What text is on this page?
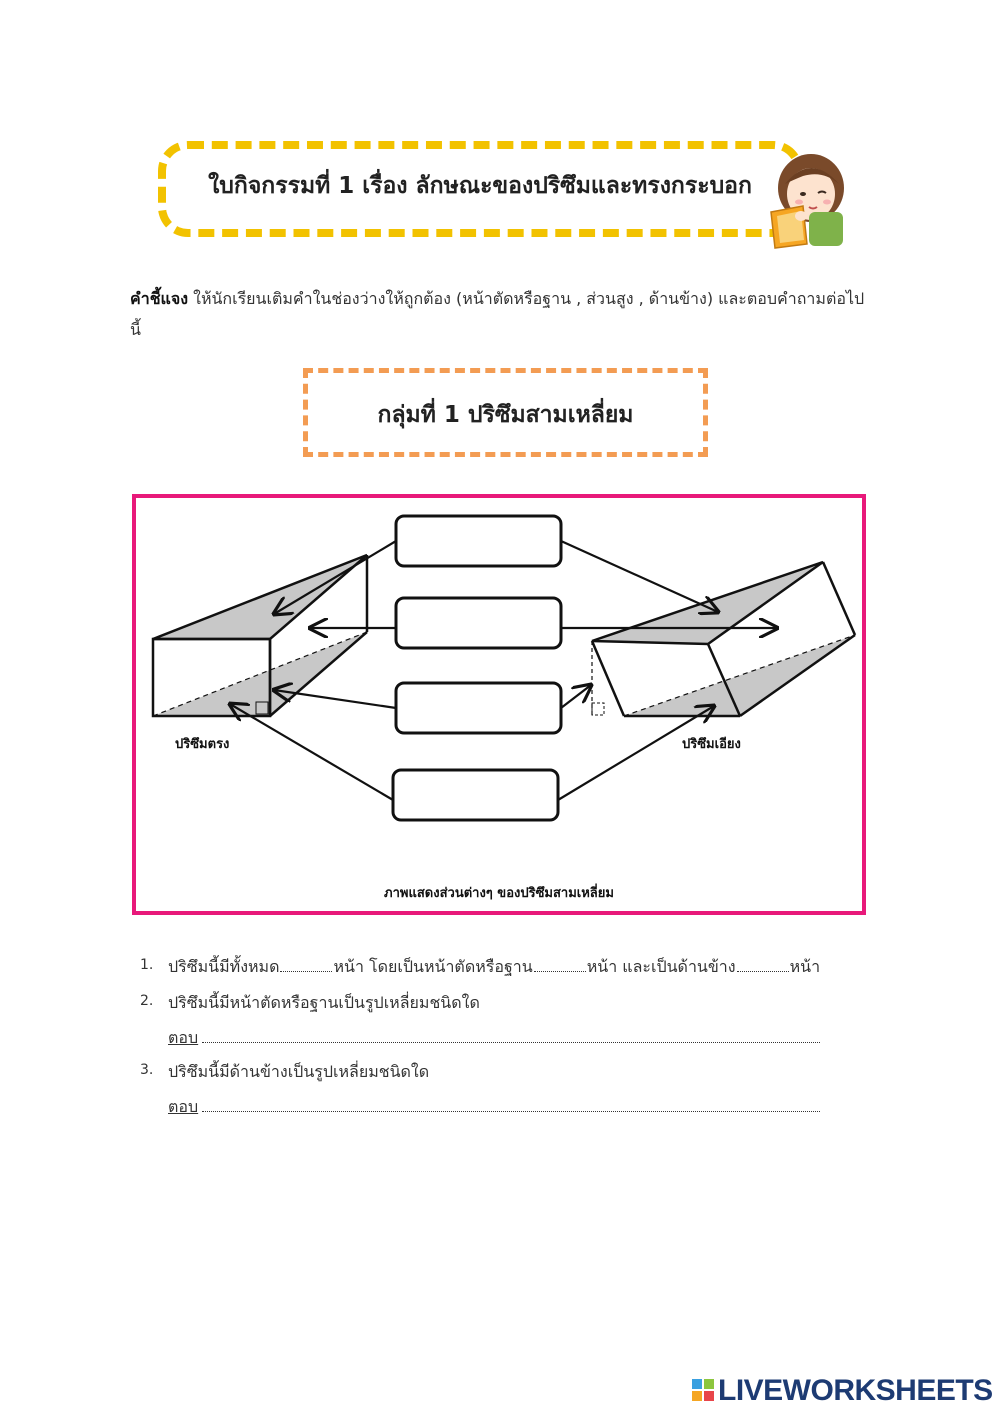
ใบกิจกรรมที่ 1 เรื่อง ลักษณะของปริซึมและทรงกระบอก
คำชี้แจง ให้นักเรียนเติมคำในช่องว่างให้ถูกต้อง (หน้าตัดหรือฐาน , ส่วนสูง , ด้านข้าง) และตอบคำถามต่อไปนี้
กลุ่มที่ 1 ปริซึมสามเหลี่ยม
ปริซึมตรง	ปริซึมเอียง
ภาพแสดงส่วนต่างๆ ของปริซึมสามเหลี่ยม
1. ปริซึมนี้มีทั้งหมด	หน้า โดยเป็นหน้าตัดหรือฐาน	หน้า และเป็นด้านข้าง	หน้า
2. ปริซึมนี้มีหน้าตัดหรือฐานเป็นรูปเหลี่ยมชนิดใด
ตอบ
3. ปริซึมนี้มีด้านข้างเป็นรูปเหลี่ยมชนิดใด
ตอบ
LIVEWORKSHEETS
